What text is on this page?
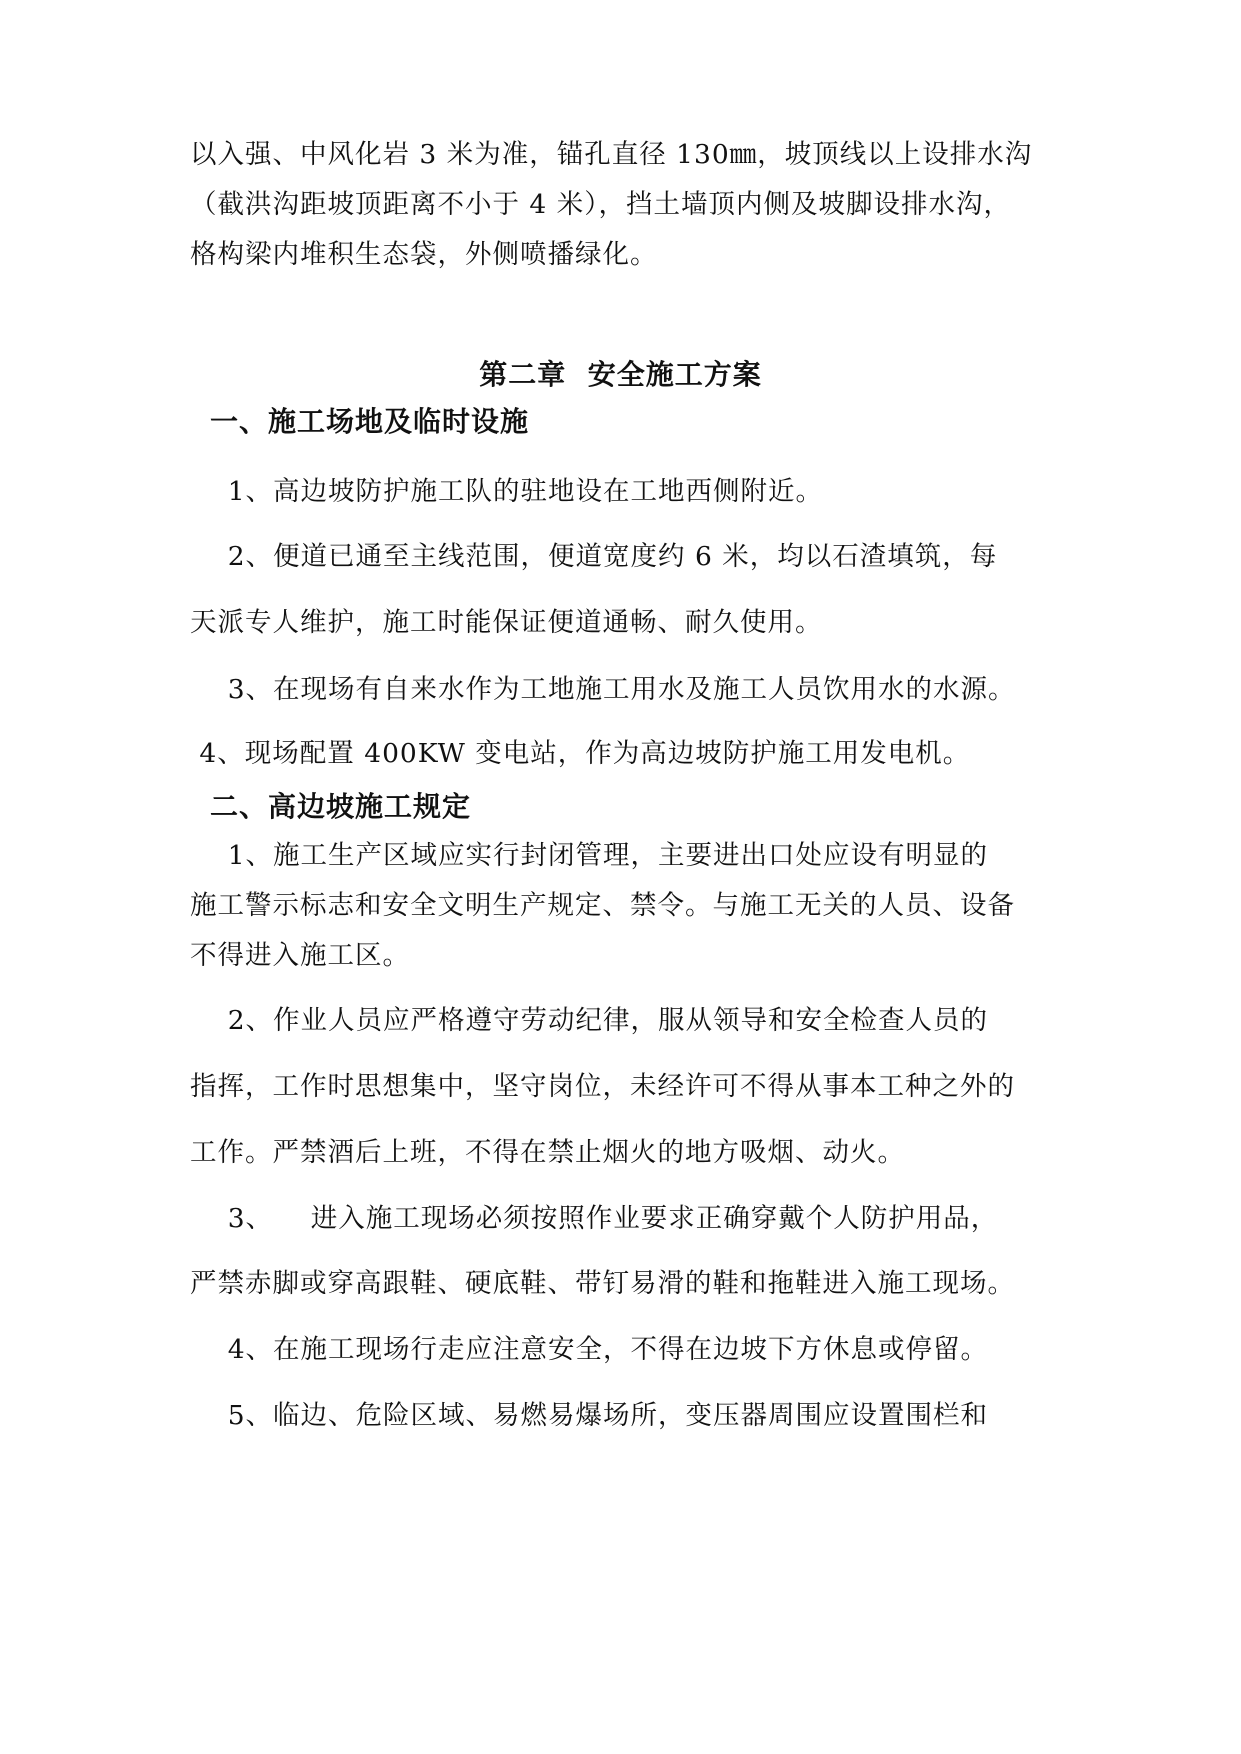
以入强、中风化岩 3 米为准，锚孔直径 130㎜，坡顶线以上设排水沟
（截洪沟距坡顶距离不小于 4 米），挡土墙顶内侧及坡脚设排水沟，
格构梁内堆积生态袋，外侧喷播绿化。
第二章  安全施工方案
一、施工场地及临时设施
1、高边坡防护施工队的驻地设在工地西侧附近。
2、便道已通至主线范围，便道宽度约 6 米，均以石渣填筑，每
天派专人维护，施工时能保证便道通畅、耐久使用。
3、在现场有自来水作为工地施工用水及施工人员饮用水的水源。
4、现场配置 400KW 变电站，作为高边坡防护施工用发电机。
二、高边坡施工规定
1、施工生产区域应实行封闭管理，主要进出口处应设有明显的
施工警示标志和安全文明生产规定、禁令。与施工无关的人员、设备
不得进入施工区。
2、作业人员应严格遵守劳动纪律，服从领导和安全检查人员的
指挥，工作时思想集中，坚守岗位，未经许可不得从事本工种之外的
工作。严禁酒后上班，不得在禁止烟火的地方吸烟、动火。
3、    进入施工现场必须按照作业要求正确穿戴个人防护用品，
严禁赤脚或穿高跟鞋、硬底鞋、带钉易滑的鞋和拖鞋进入施工现场。
4、在施工现场行走应注意安全，不得在边坡下方休息或停留。
5、临边、危险区域、易燃易爆场所，变压器周围应设置围栏和
